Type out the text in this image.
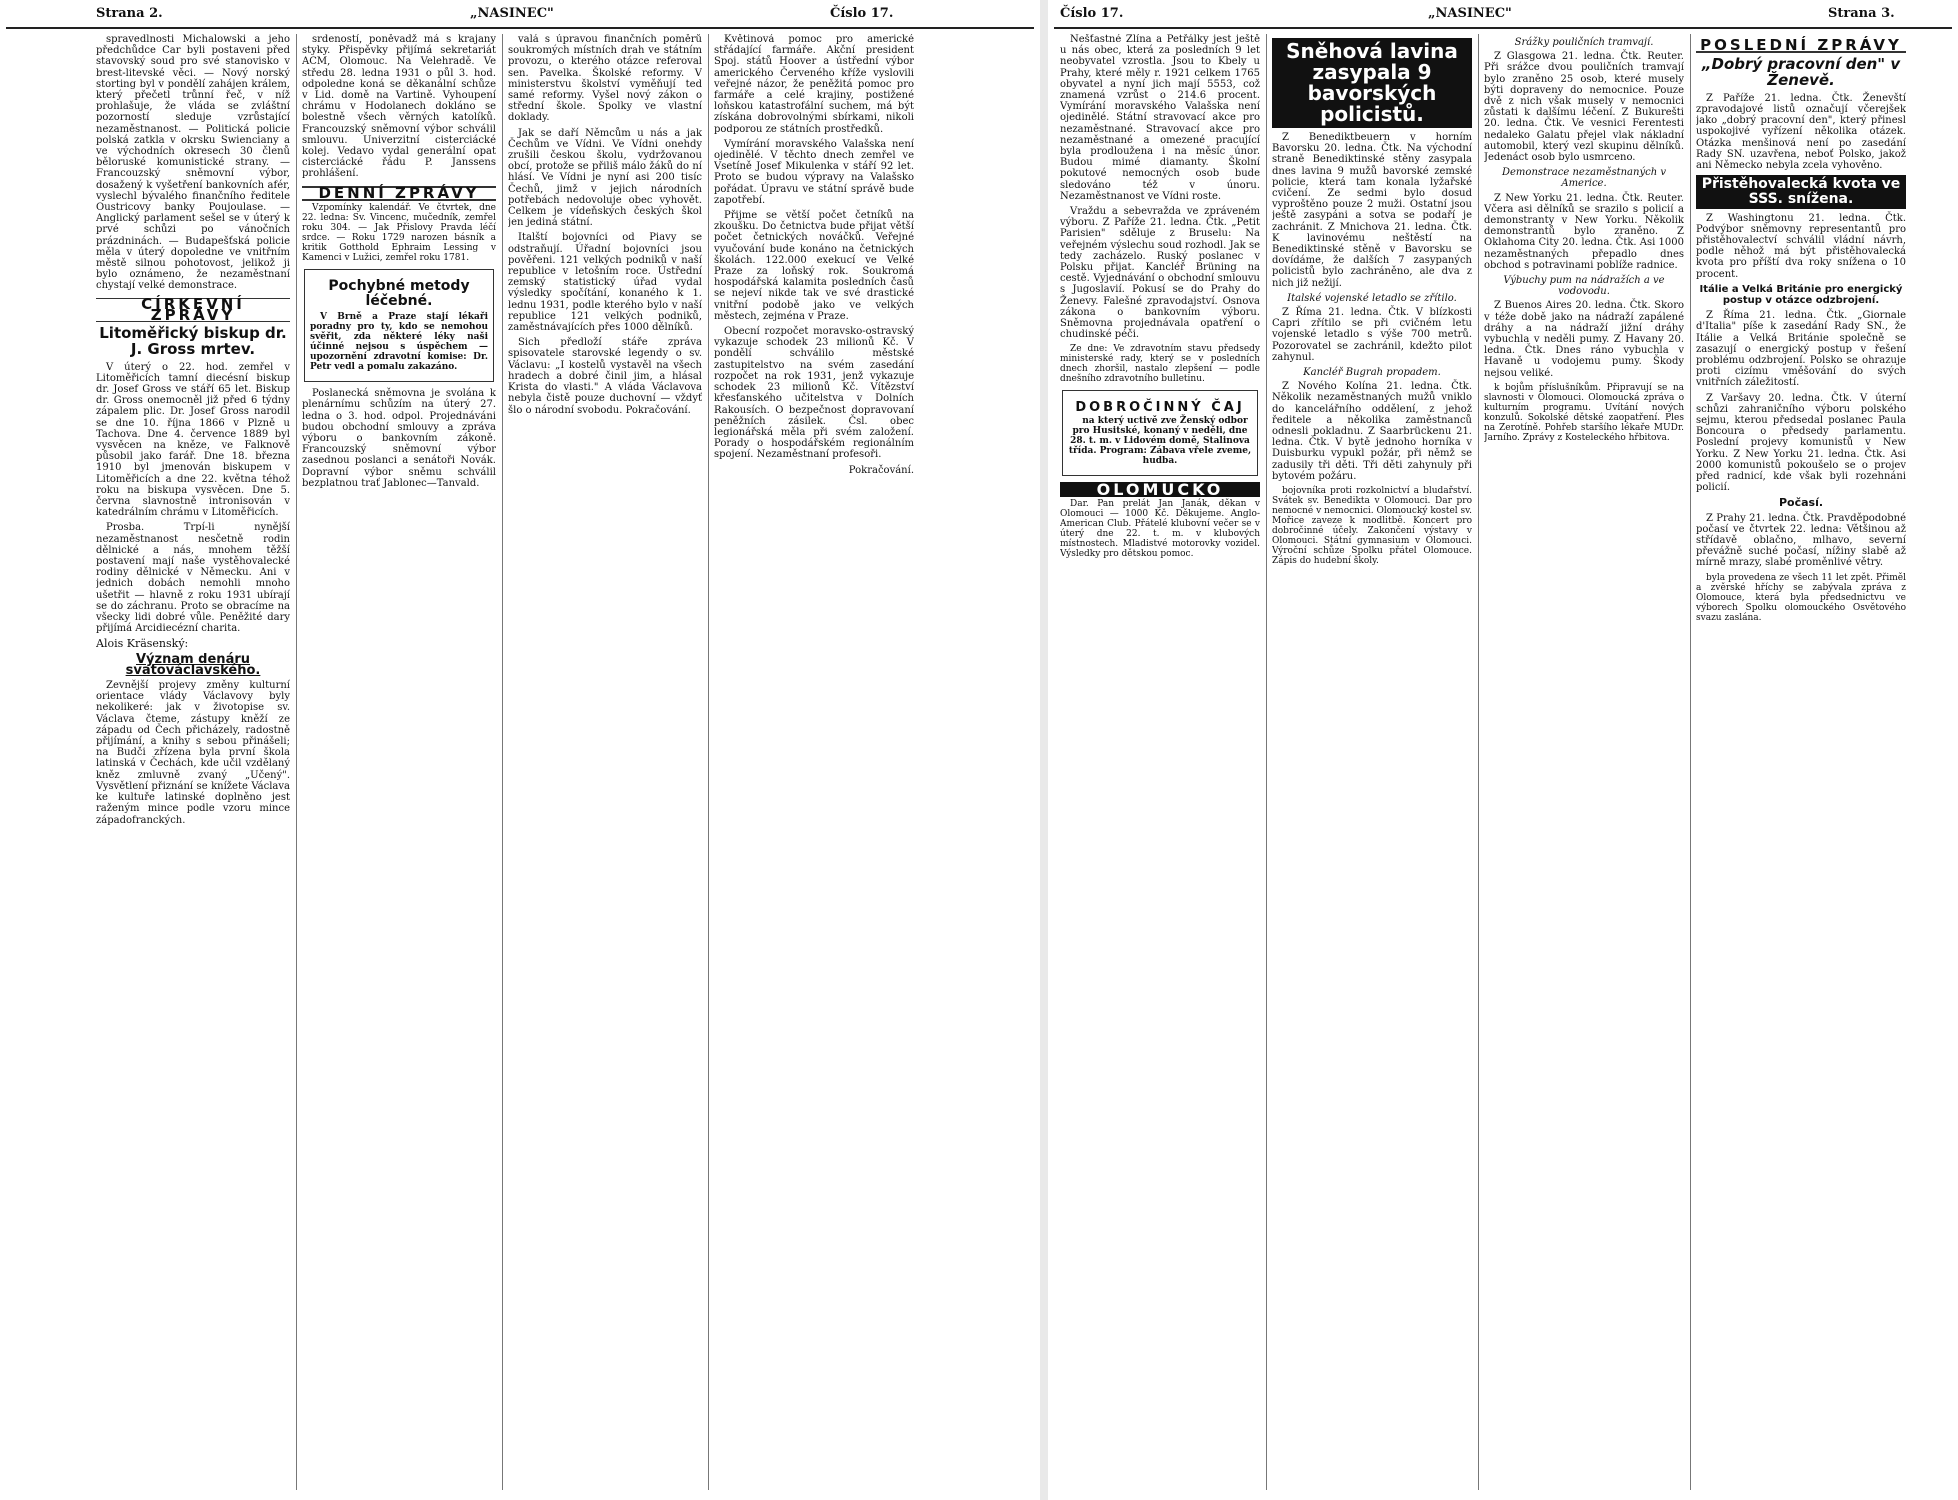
Strana 2.	„NASINEC"	Číslo 17.

spravedlnosti Michalowski a jeho předchůdce Car byli postaveni před stavovský soud pro své stanovisko v brest-litevské věci. — Nový norský storting byl v pondělí zahájen králem, který přečetl trůnní řeč, v níž prohlašuje, že vláda se zvláštní pozorností sleduje vzrůstající nezaměstnanost. — Politická policie polská zatkla v okrsku Swienciany a ve východních okresech 30 členů běloruské komunistické strany. — Francouzský sněmovní výbor, dosažený k vyšetření bankovních afér, vyslechl bývalého finančního ředitele Oustricovy banky Poujoulase. — Anglický parlament sešel se v úterý k prvé schůzi po vánočních prázdninách. — Budapešťská policie měla v úterý dopoledne ve vnitřním městě silnou pohotovost, jelikož ji bylo oznámeno, že nezaměstnaní chystají velké demonstrace.

CÍRKEVNÍ ZPRÁVY
Litoměřický biskup dr. J. Gross mrtev.

V úterý o 22. hod. zemřel v Litoměřicích tamní diecésní biskup dr. Josef Gross ve stáří 65 let. Biskup dr. Gross onemocněl již před 6 týdny zápalem plic. Dr. Josef Gross narodil se dne 10. října 1866 v Plzně u Tachova. Dne 4. července 1889 byl vysvěcen na kněze, ve Falknově působil jako farář. Dne 18. března 1910 byl jmenován biskupem v Litoměřicích a dne 22. května téhož roku na biskupa vysvěcen. Dne 5. června slavnostně intronisován v katedrálním chrámu v Litoměřicích.

Prosba. Trpí-li nynější nezaměstnanost nesčetně rodin dělnické a nás, mnohem těžší postavení mají naše vystěhovalecké rodiny dělnické v Německu. Ani v jednich dobách nemohli mnoho ušetřit — hlavně z roku 1931 ubírají se do záchranu. Proto se obracíme na všecky lidi dobré vůle. Peněžité dary přijímá Arcidiecézní charita.

Alois Kräsenský:

Význam denáru svatováclavského.

Zevnější projevy změny kulturní orientace vlády Václavovy byly nekolikeré: jak v životopise sv. Václava čteme, zástupy kněží ze západu od Čech přicházely, radostně přijímání, a knihy s sebou přinášeli; na Budči zřízena byla první škola latinská v Čechách, kde učil vzdělaný kněz zmluvně zvaný „Učený". Vysvětlení přiznání se knížete Václava ke kultuře latinské doplněno jest raženým mince podle vzoru mince západofranckých.

srdeností, poněvadž má s krajany styky. Přispěvky přijímá sekretariát ACM, Olomouc. Na Velehradě. Ve středu 28. ledna 1931 o půl 3. hod. odpoledne koná se děkanální schůze v Lid. domě na Vartině. Vyhoupení chrámu v Hodolanech dokláno se bolestně všech věrných katolíků. Francouzský sněmovní výbor schválil smlouvu. Univerzitní cisterciácké kolej. Vedavo vydal generální opat cisterciácké řádu P. Janssens prohlášení.

DENNÍ ZPRÁVY

Vzpomínky kalendář. Ve čtvrtek, dne 22. ledna: Sv. Vincenc, mučedník, zemřel roku 304. — Jak Přislovy Pravda léčí srdce. — Roku 1729 narozen básník a kritik Gotthold Ephraim Lessing v Kamenci v Lužici, zemřel roku 1781.

Pochybné metody léčebné.

V Brně a Praze stají lékaři poradny pro ty, kdo se nemohou svěřit, zda některé léky naši účinné nejsou s úspěchem — upozornění zdravotní komise: Dr. Petr vedl a pomalu zakazáno.

Poslanecká sněmovna je svolána k plenárnímu schůzím na úterý 27. ledna o 3. hod. odpol. Projednáváni budou obchodní smlouvy a zpráva výboru o bankovním zákoně. Francouzský sněmovní výbor zasednou poslanci a senátoři Novák. Dopravní výbor sněmu schválil bezplatnou trať Jablonec—Tanvald.

valá s úpravou finančních poměrů soukromých místních drah ve státním provozu, o kterého otázce referoval sen. Pavelka. Školské reformy. V ministerstvu školství vyměňují ted samé reformy. Vyšel nový zákon o střední škole. Spolky ve vlastní doklady.

Jak se daří Němcům u nás a jak Čechům ve Vídni. Ve Vídni onehdy zrušili českou školu, vydržovanou obcí, protože se přiliš málo žáků do ní hlásí. Ve Vídni je nyní asi 200 tisíc Čechů, jimž v jejich národních potřebách nedovoluje obec vyhovět. Celkem je vídeňských českých škol jen jediná státní.

Italští bojovníci od Piavy se odstraňují. Úřadní bojovníci jsou pověřeni. 121 velkých podniků v naší republice v letošním roce. Ústřední zemský statistický úřad vydal výsledky spočítání, konaného k 1. lednu 1931, podle kterého bylo v naší republice 121 velkých podniků, zaměstnávajících přes 1000 dělníků.

Sich předloží stáře zpráva spisovatele starovské legendy o sv. Václavu: „I kostelů vystavěl na všech hradech a dobré činil jim, a hlásal Krista do vlasti." A vláda Václavova nebyla čistě pouze duchovní — vždyť šlo o národní svobodu. Pokračování.

Květinová pomoc pro americké střádající farmáře. Akční president Spoj. států Hoover a ústřední výbor amerického Červeného kříže vyslovili veřejné názor, že peněžitá pomoc pro farmáře a celé krajiny, postižené loňskou katastrofální suchem, má být získána dobrovolnými sbírkami, nikoli podporou ze státních prostředků.

Vymírání moravského Valašska není ojedinělé. V těchto dnech zemřel ve Vsetíně Josef Mikulenka v stáří 92 let. Proto se budou výpravy na Valašsko pořádat. Úpravu ve státní správě bude zapotřebí.

Přijme se větší počet četníků na zkoušku. Do četnictva bude přijat větší počet četnických nováčků. Veřejné vyučování bude konáno na četnických školách. 122.000 exekucí ve Velké Praze za loňský rok. Soukromá hospodářská kalamita posledních časů se nejeví nikde tak ve své drastické vnitřní podobě jako ve velkých městech, zejména v Praze.

Obecní rozpočet moravsko-ostravský vykazuje schodek 23 milionů Kč. V pondělí schválilo městské zastupitelstvo na svém zasedání rozpočet na rok 1931, jenž vykazuje schodek 23 milionů Kč. Vítězství křesťanského učitelstva v Dolních Rakousích. O bezpečnost dopravovaní peněžních zásilek. Čsl. obec legionářská měla při svém založení. Porady o hospodářském regionálním spojení. Nezaměstnaní profesoři.

Pokračování.

Číslo 17.	„NASINEC"	Strana 3.

Nešťastné Zlína a Petřálky jest ještě u nás obec, která za posledních 9 let neobyvatel vzrostla. Jsou to Kbely u Prahy, které měly r. 1921 celkem 1765 obyvatel a nyní jich mají 5553, což znamená vzrůst o 214.6 procent. Vymírání moravského Valašska není ojedinělé. Státní stravovací akce pro nezaměstnané. Stravovací akce pro nezaměstnané a omezené pracující byla prodloužena i na měsíc únor. Budou mimé diamanty. Školní pokutové nemocných osob bude sledováno též v únoru. Nezaměstnanost ve Vídni roste.

Vraždu a sebevražda ve zpráveném výboru. Z Paříže 21. ledna. Čtk. „Petit Parisien" sděluje z Bruselu: Na veřejném výslechu soud rozhodl. Jak se tedy zacházelo. Ruský poslanec v Polsku přijat. Kancléř Brüning na cestě. Vyjednávání o obchodní smlouvu s Jugoslavií. Pokusí se do Prahy do Ženevy. Falešné zpravodajství. Osnova zákona o bankovním výboru. Sněmovna projednávala opatření o chudinské péči.

Ze dne: Ve zdravotním stavu předsedy ministerské rady, který se v posledních dnech zhoršil, nastalo zlepšení — podle dnešního zdravotního bulletinu.

DOBROČINNÝ ČAJ

na který uctivě zve Ženský odbor pro Husitské, konaný v neděli, dne 28. t. m. v Lidovém domě, Stalinova třída. Program: Zábava vřele zveme, hudba.

OLOMUCKO

Dar. Pan prelát Jan Janák, děkan v Olomouci — 1000 Kč. Děkujeme. Anglo-American Club. Přátelé klubovní večer se v úterý dne 22. t. m. v klubových místnostech. Mladistvé motorovky vozidel. Výsledky pro dětskou pomoc.

Sněhová lavina zasypala 9 bavorských policistů.

Z Benediktbeuern v horním Bavorsku 20. ledna. Čtk. Na východní straně Benediktinské stěny zasypala dnes lavina 9 mužů bavorské zemské policie, která tam konala lyžařské cvičení. Ze sedmi bylo dosud vyproštěno pouze 2 muži. Ostatní jsou ještě zasypáni a sotva se podaří je zachránit. Z Mnichova 21. ledna. Čtk. K lavinovému neštěstí na Benediktinské stěně v Bavorsku se dovídáme, že dalších 7 zasypaných policistů bylo zachráněno, ale dva z nich již nežijí.

Italské vojenské letadlo se zřítilo.

Z Říma 21. ledna. Čtk. V blízkosti Capri zřítilo se při cvičném letu vojenské letadlo s výše 700 metrů. Pozorovatel se zachránil, kdežto pilot zahynul.

Kancléř Bugrah propadem.

Z Nového Kolína 21. ledna. Čtk. Několik nezaměstnaných mužů vniklo do kancelářního oddělení, z jehož ředitele a několika zaměstnanců odnesli pokladnu. Z Saarbrückenu 21. ledna. Čtk. V bytě jednoho horníka v Duisburku vypukl požár, při němž se zadusily tři děti. Tři děti zahynuly při bytovém požáru.

bojovníka proti rozkolnictví a bludařství. Svátek sv. Benedikta v Olomouci. Dar pro nemocné v nemocnici. Olomoucký kostel sv. Mořice zaveze k modlitbě. Koncert pro dobročinné účely. Zakončení výstavy v Olomouci. Státní gymnasium v Olomouci. Výroční schůze Spolku přátel Olomouce. Zápis do hudební školy.

Srážky pouličních tramvají.

Z Glasgowa 21. ledna. Čtk. Reuter. Při srážce dvou pouličních tramvají bylo zraněno 25 osob, které musely býti dopraveny do nemocnice. Pouze dvě z nich však musely v nemocnici zůstati k dalšímu léčení. Z Bukurešti 20. ledna. Čtk. Ve vesnici Ferentesti nedaleko Galatu přejel vlak nákladní automobil, který vezl skupinu dělníků. Jedenáct osob bylo usmrceno.

Demonstrace nezaměstnaných v Americe.

Z New Yorku 21. ledna. Čtk. Reuter. Včera asi dělníků se srazilo s policií a demonstranty v New Yorku. Několik demonstrantů bylo zraněno. Z Oklahoma City 20. ledna. Čtk. Asi 1000 nezaměstnaných přepadlo dnes obchod s potravinami poblíže radnice.

Výbuchy pum na nádražích a ve vodovodu.

Z Buenos Aires 20. ledna. Čtk. Skoro v téže době jako na nádraží zapálené dráhy a na nádraží jižní dráhy vybuchla v neděli pumy. Z Havany 20. ledna. Čtk. Dnes ráno vybuchla v Havaně u vodojemu pumy. Škody nejsou veliké.

k bojům příslušníkům. Připravují se na slavnosti v Olomouci. Olomoucká zpráva o kulturním programu. Uvítání nových konzulů. Sokolské dětské zaopatření. Ples na Zerotíně. Pohřeb staršího lékaře MUDr. Jarního. Zprávy z Kosteleckého hřbitova.

POSLEDNÍ ZPRÁVY
„Dobrý pracovní den" v Ženevě.

Z Paříže 21. ledna. Čtk. Ženevští zpravodajové listů označují včerejšek jako „dobrý pracovní den", který přinesl uspokojivé vyřízení několika otázek. Otázka menšinová není po zasedání Rady SN. uzavřena, neboť Polsko, jakož ani Německo nebyla zcela vyhověno.

Přistěhovalecká kvota ve SSS. snížena.

Z Washingtonu 21. ledna. Čtk. Podvýbor sněmovny representantů pro přistěhovalectví schválil vládní návrh, podle něhož má být přistěhovalecká kvota pro příští dva roky snížena o 10 procent.

Itálie a Velká Británie pro energický postup v otázce odzbrojení.

Z Říma 21. ledna. Čtk. „Giornale d'Italia" píše k zasedání Rady SN., že Itálie a Velká Británie společně se zasazují o energický postup v řešení problému odzbrojení. Polsko se ohrazuje proti cizímu vměšování do svých vnitřních záležitostí.

Z Varšavy 20. ledna. Čtk. V úterní schůzi zahraničního výboru polského sejmu, kterou předsedal poslanec Paula Boncoura o předsedy parlamentu. Poslední projevy komunistů v New Yorku. Z New Yorku 21. ledna. Čtk. Asi 2000 komunistů pokoušelo se o projev před radnicí, kde však byli rozehnáni policií.

Počasí.

Z Prahy 21. ledna. Čtk. Pravděpodobné počasí ve čtvrtek 22. ledna: Většinou až střídavě oblačno, mlhavo, severní převážně suché počasí, nížiny slabě až mírně mrazy, slabé proměnlivé větry.

byla provedena ze všech 11 let zpět. Přiměl a zvěrské hříchy se zabývala zpráva z Olomouce, která byla předsednictvu ve výborech Spolku olomouckého Osvětového svazu zaslána.
